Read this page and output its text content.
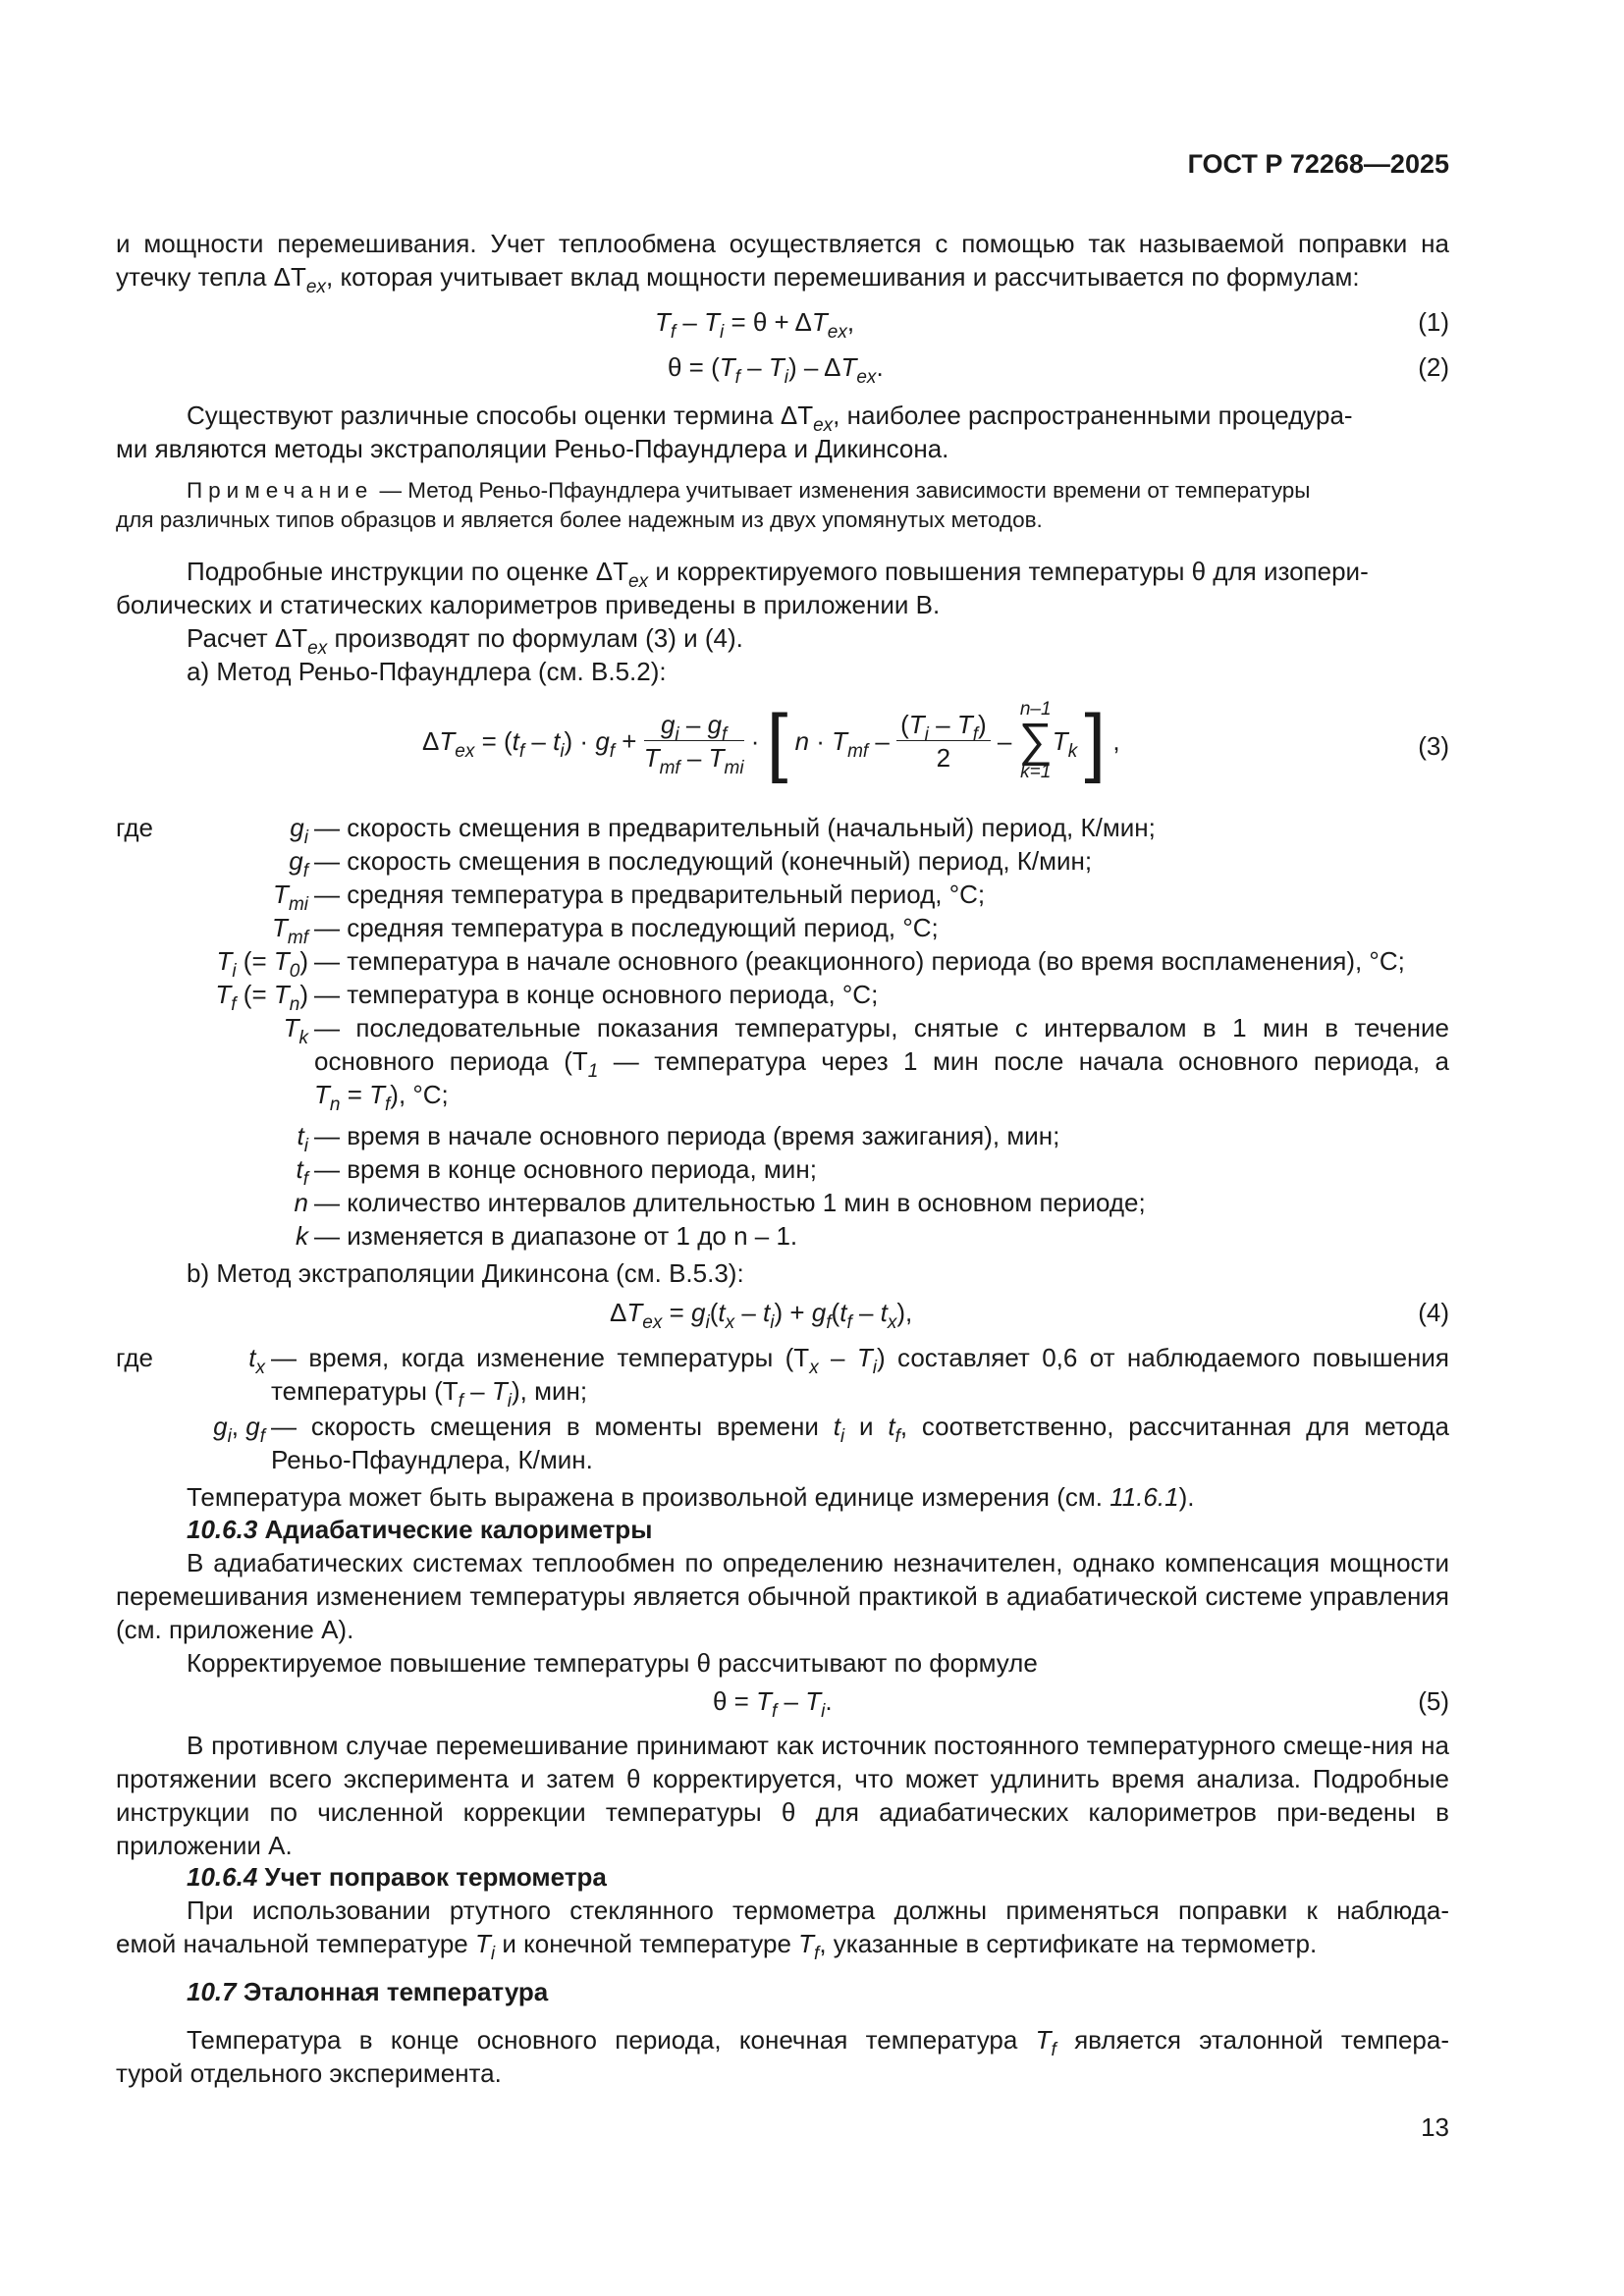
ГОСТ Р 72268—2025
и мощности перемешивания. Учет теплообмена осуществляется с помощью так называемой поправки на
утечку тепла $\Delta T_{ex}$, которая учитывает вклад мощности перемешивания и рассчитывается по формулам:
$T_f - T_i = \theta + \Delta T_{ex}$,	(1)
$\theta = (T_f - T_i) - \Delta T_{ex}$.	(2)
Существуют различные способы оценки термина $\Delta T_{ex}$, наиболее распространенными процедура-
ми являются методы экстраполяции Реньо-Пфаундлера и Дикинсона.
Примечание — Метод Реньо-Пфаундлера учитывает изменения зависимости времени от температуры
для различных типов образцов и является более надежным из двух упомянутых методов.
Подробные инструкции по оценке $\Delta T_{ex}$ и корректируемого повышения температуры θ для изопери-
болических и статических калориметров приведены в приложении В.
Расчет $\Delta T_{ex}$ производят по формулам (3) и (4).
а) Метод Реньо-Пфаундлера (см. В.5.2):
$\Delta T_{ex} = (t_f - t_i) \cdot g_f + \frac{g_i - g_f}{T_{mf} - T_{mi}}$ · [ $n \cdot T_{mf} - \frac{(T_i - T_f)}{2}$ –
n–1
∑
k=1
$T_k$ ] ,	(3)
где	$g_i$ — скорость смещения в предварительный (начальный) период, К/мин;
$g_f$ — скорость смещения в последующий (конечный) период, К/мин;
$T_{mi}$ — средняя температура в предварительный период, °С;
$T_{mf}$ — средняя температура в последующий период, °С;
$T_i$ (= $T_0$) — температура в начале основного (реакционного) периода (во время воспламенения), °С;
$T_f$ (= $T_n$) — температура в конце основного периода, °С;
$T_k$ — последовательные показания температуры, снятые с интервалом в 1 мин в течение
основного периода ($T_1$ — температура через 1 мин после начала основного периода, а
$T_n = T_f$), °С;
$t_i$ — время в начале основного периода (время зажигания), мин;
$t_f$ — время в конце основного периода, мин;
n — количество интервалов длительностью 1 мин в основном периоде;
k — изменяется в диапазоне от 1 до n – 1.
b) Метод экстраполяции Дикинсона (см. В.5.3):
$\Delta T_{ex} = g_i(t_x - t_i) + g_f(t_f - t_x)$,	(4)
где	$t_x$ — время, когда изменение температуры $(T_x - T_i)$ составляет 0,6 от наблюдаемого повышения
температуры $(T_f - T_i)$, мин;
$g_i$, $g_f$ — скорость смещения в моменты времени $t_i$ и $t_f$, соответственно, рассчитанная для метода
Реньо-Пфаундлера, К/мин.
Температура может быть выражена в произвольной единице измерения (см. 11.6.1).
10.6.3 Адиабатические калориметры
В адиабатических системах теплообмен по определению незначителен, однако компенсация мощности перемешивания изменением температуры является обычной практикой в адиабатической системе управления (см. приложение А).
Корректируемое повышение температуры θ рассчитывают по формуле
$\theta = T_f - T_i$.	(5)
В противном случае перемешивание принимают как источник постоянного температурного смеще-ния на протяжении всего эксперимента и затем θ корректируется, что может удлинить время анализа. Подробные инструкции по численной коррекции температуры θ для адиабатических калориметров при-ведены в приложении А.
10.6.4 Учет поправок термометра
При использовании ртутного стеклянного термометра должны применяться поправки к наблюда-
емой начальной температуре $T_i$ и конечной температуре $T_f$, указанные в сертификате на термометр.
10.7 Эталонная температура
Температура в конце основного периода, конечная температура $T_f$ является эталонной темпера-
турой отдельного эксперимента.
13
